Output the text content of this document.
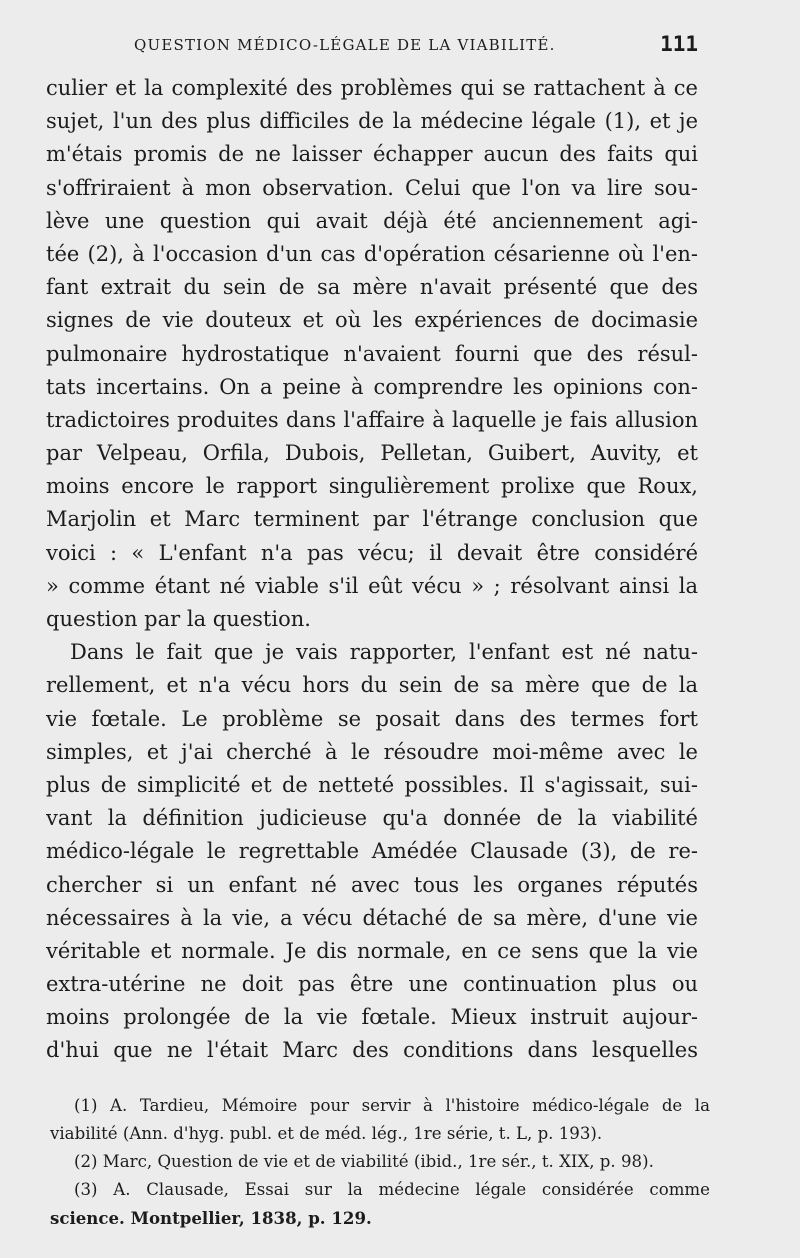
QUESTION MÉDICO-LÉGALE DE LA VIABILITÉ.	111
culier et la complexité des problèmes qui se rattachent à ce
sujet, l'un des plus difficiles de la médecine légale (1), et je
m'étais promis de ne laisser échapper aucun des faits qui
s'offriraient à mon observation. Celui que l'on va lire sou-
lève une question qui avait déjà été anciennement agi-
tée (2), à l'occasion d'un cas d'opération césarienne où l'en-
fant extrait du sein de sa mère n'avait présenté que des
signes de vie douteux et où les expériences de docimasie
pulmonaire hydrostatique n'avaient fourni que des résul-
tats incertains. On a peine à comprendre les opinions con-
tradictoires produites dans l'affaire à laquelle je fais allusion
par Velpeau, Orfila, Dubois, Pelletan, Guibert, Auvity, et
moins encore le rapport singulièrement prolixe que Roux,
Marjolin et Marc terminent par l'étrange conclusion que
voici : « L'enfant n'a pas vécu; il devait être considéré
» comme étant né viable s'il eût vécu » ; résolvant ainsi la
question par la question.
Dans le fait que je vais rapporter, l'enfant est né natu-
rellement, et n'a vécu hors du sein de sa mère que de la
vie fœtale. Le problème se posait dans des termes fort
simples, et j'ai cherché à le résoudre moi-même avec le
plus de simplicité et de netteté possibles. Il s'agissait, sui-
vant la définition judicieuse qu'a donnée de la viabilité
médico-légale le regrettable Amédée Clausade (3), de re-
chercher si un enfant né avec tous les organes réputés
nécessaires à la vie, a vécu détaché de sa mère, d'une vie
véritable et normale. Je dis normale, en ce sens que la vie
extra-utérine ne doit pas être une continuation plus ou
moins prolongée de la vie fœtale. Mieux instruit aujour-
d'hui que ne l'était Marc des conditions dans lesquelles
(1) A. Tardieu, Mémoire pour servir à l'histoire médico-légale de la
viabilité (Ann. d'hyg. publ. et de méd. lég., 1re série, t. L, p. 193).
(2) Marc, Question de vie et de viabilité (ibid., 1re sér., t. XIX, p. 98).
(3) A. Clausade, Essai sur la médecine légale considérée comme
science. Montpellier, 1838, p. 129.
